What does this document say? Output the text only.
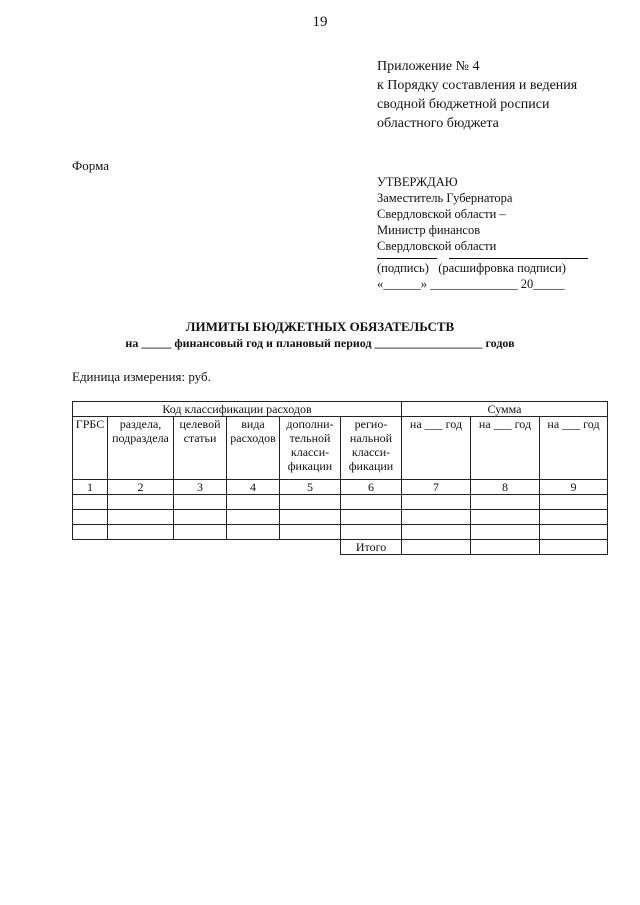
19
Приложение № 4
к Порядку составления и ведения
сводной бюджетной росписи
областного бюджета
Форма
УТВЕРЖДАЮ
Заместитель Губернатора
Свердловской области –
Министр финансов
Свердловской области
(подпись)   (расшифровка подписи)
«______» ______________ 20_____
ЛИМИТЫ БЮДЖЕТНЫХ ОБЯЗАТЕЛЬСТВ
на _____ финансовый год и плановый период __________________ годов
Единица измерения: руб.
Код классификации расходов						Сумма		
ГРБС	раздела, подраздела	целевой статьи	вида расходов	дополни-тельной класси-фикации	регио-нальной класси-фикации	на ___ год	на ___ год	на ___ год
1	2	3	4	5	6	7	8	9

					Итого			
